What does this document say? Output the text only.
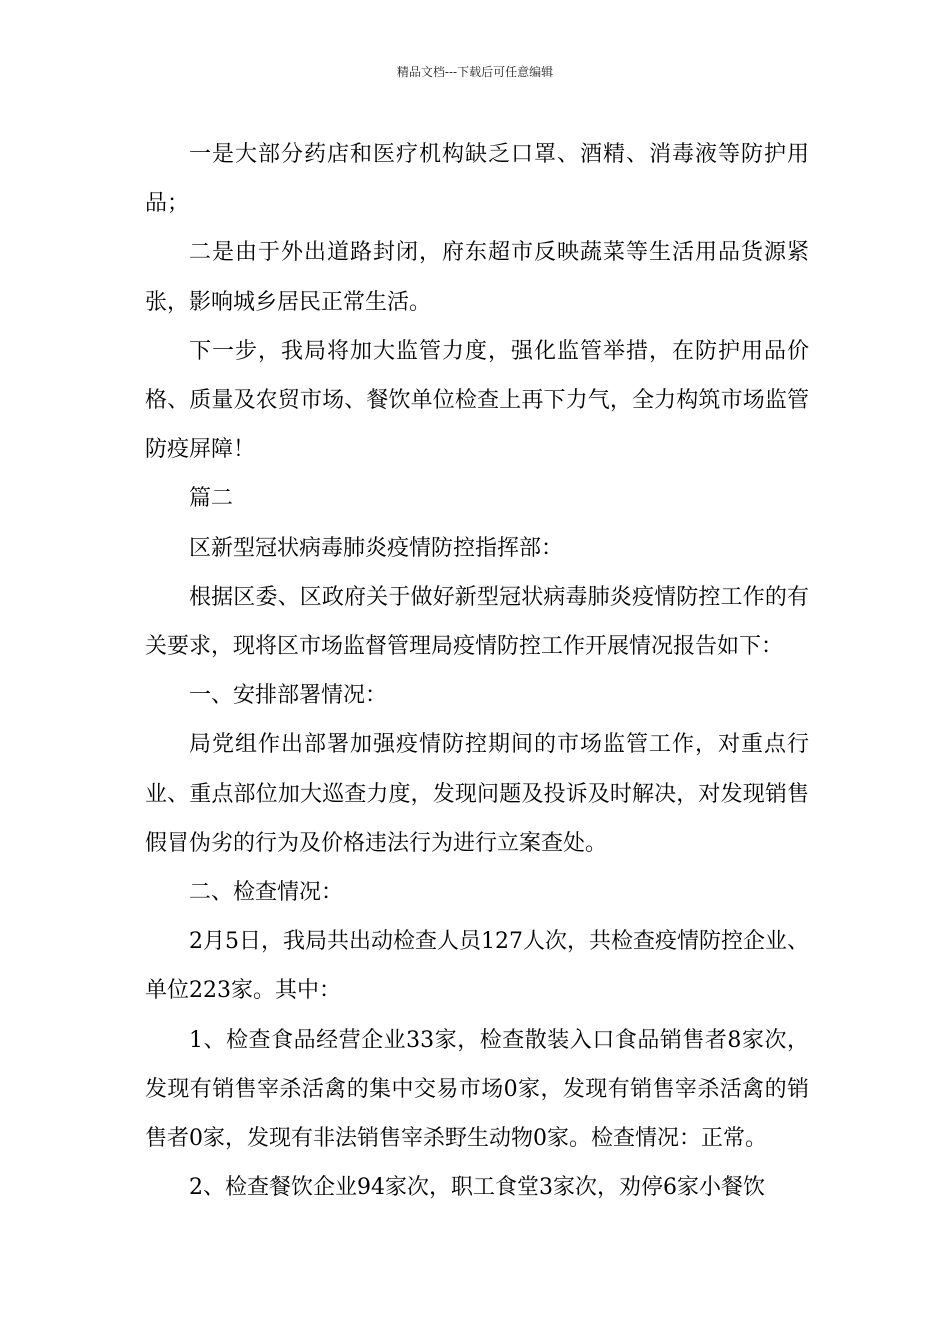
精品文档---下载后可任意编辑

一是大部分药店和医疗机构缺乏口罩、酒精、消毒液等防护用品；

二是由于外出道路封闭，府东超市反映蔬菜等生活用品货源紧张，影响城乡居民正常生活。

下一步，我局将加大监管力度，强化监管举措，在防护用品价格、质量及农贸市场、餐饮单位检查上再下力气，全力构筑市场监管防疫屏障！

篇二

区新型冠状病毒肺炎疫情防控指挥部：

根据区委、区政府关于做好新型冠状病毒肺炎疫情防控工作的有关要求，现将区市场监督管理局疫情防控工作开展情况报告如下：

一、安排部署情况：

局党组作出部署加强疫情防控期间的市场监管工作，对重点行业、重点部位加大巡查力度，发现问题及投诉及时解决，对发现销售假冒伪劣的行为及价格违法行为进行立案查处。

二、检查情况：

2月5日，我局共出动检查人员127人次，共检查疫情防控企业、单位223家。其中：

1、检查食品经营企业33家，检查散装入口食品销售者8家次，发现有销售宰杀活禽的集中交易市场0家，发现有销售宰杀活禽的销售者0家，发现有非法销售宰杀野生动物0家。检查情况：正常。

2、检查餐饮企业94家次，职工食堂3家次，劝停6家小餐饮
